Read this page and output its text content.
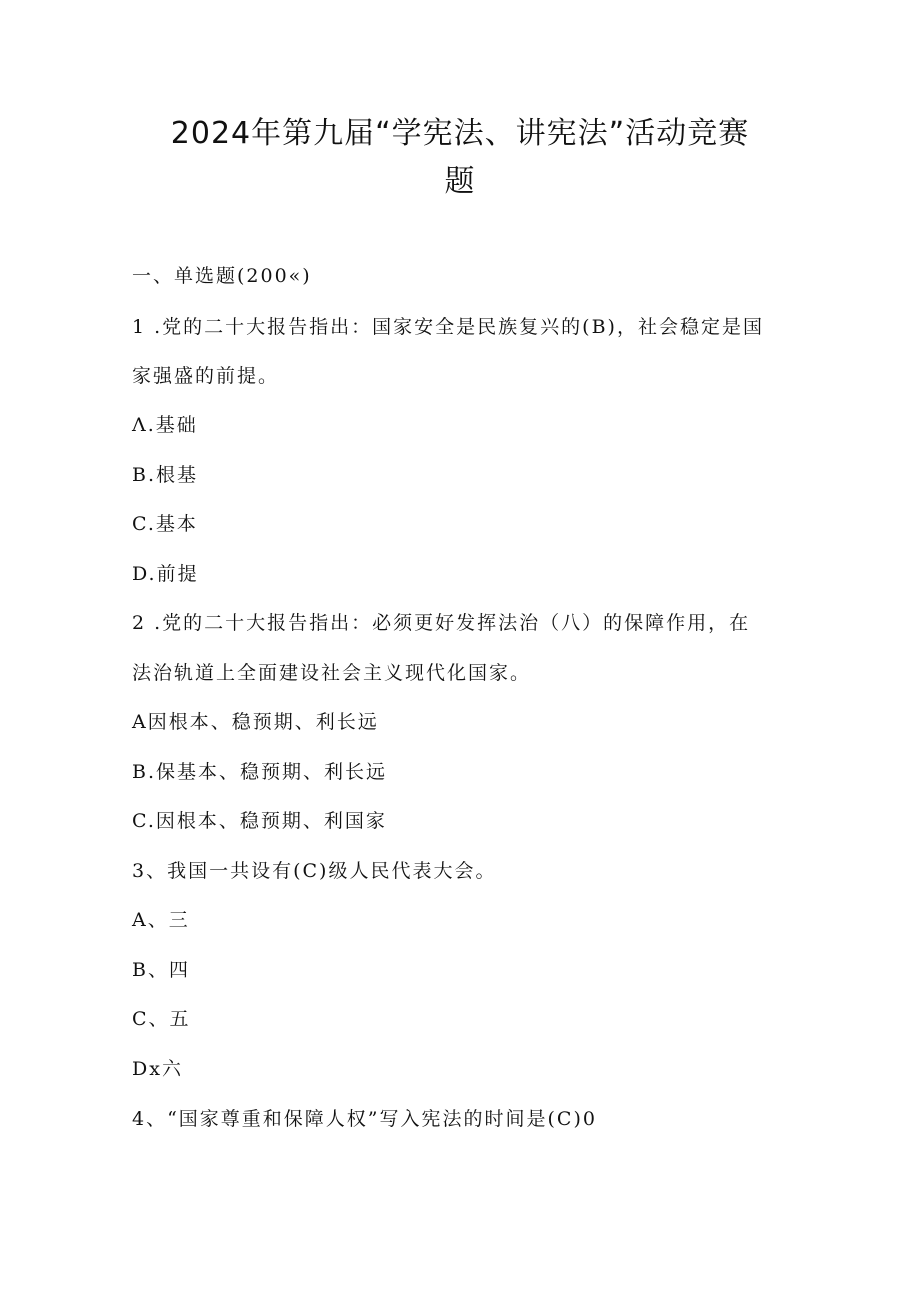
2024年第九届“学宪法、讲宪法”活动竞赛
题
一、单选题(200«)
1 .党的二十大报告指出：国家安全是民族复兴的(B)，社会稳定是国
家强盛的前提。
Λ.基础
B.根基
C.基本
D.前提
2 .党的二十大报告指出：必须更好发挥法治（八）的保障作用，在
法治轨道上全面建设社会主义现代化国家。
A因根本、稳预期、利长远
B.保基本、稳预期、利长远
C.因根本、稳预期、利国家
3、我国一共设有(C)级人民代表大会。
A、三
B、四
C、五
Dx六
4、“国家尊重和保障人权”写入宪法的时间是(C)0
